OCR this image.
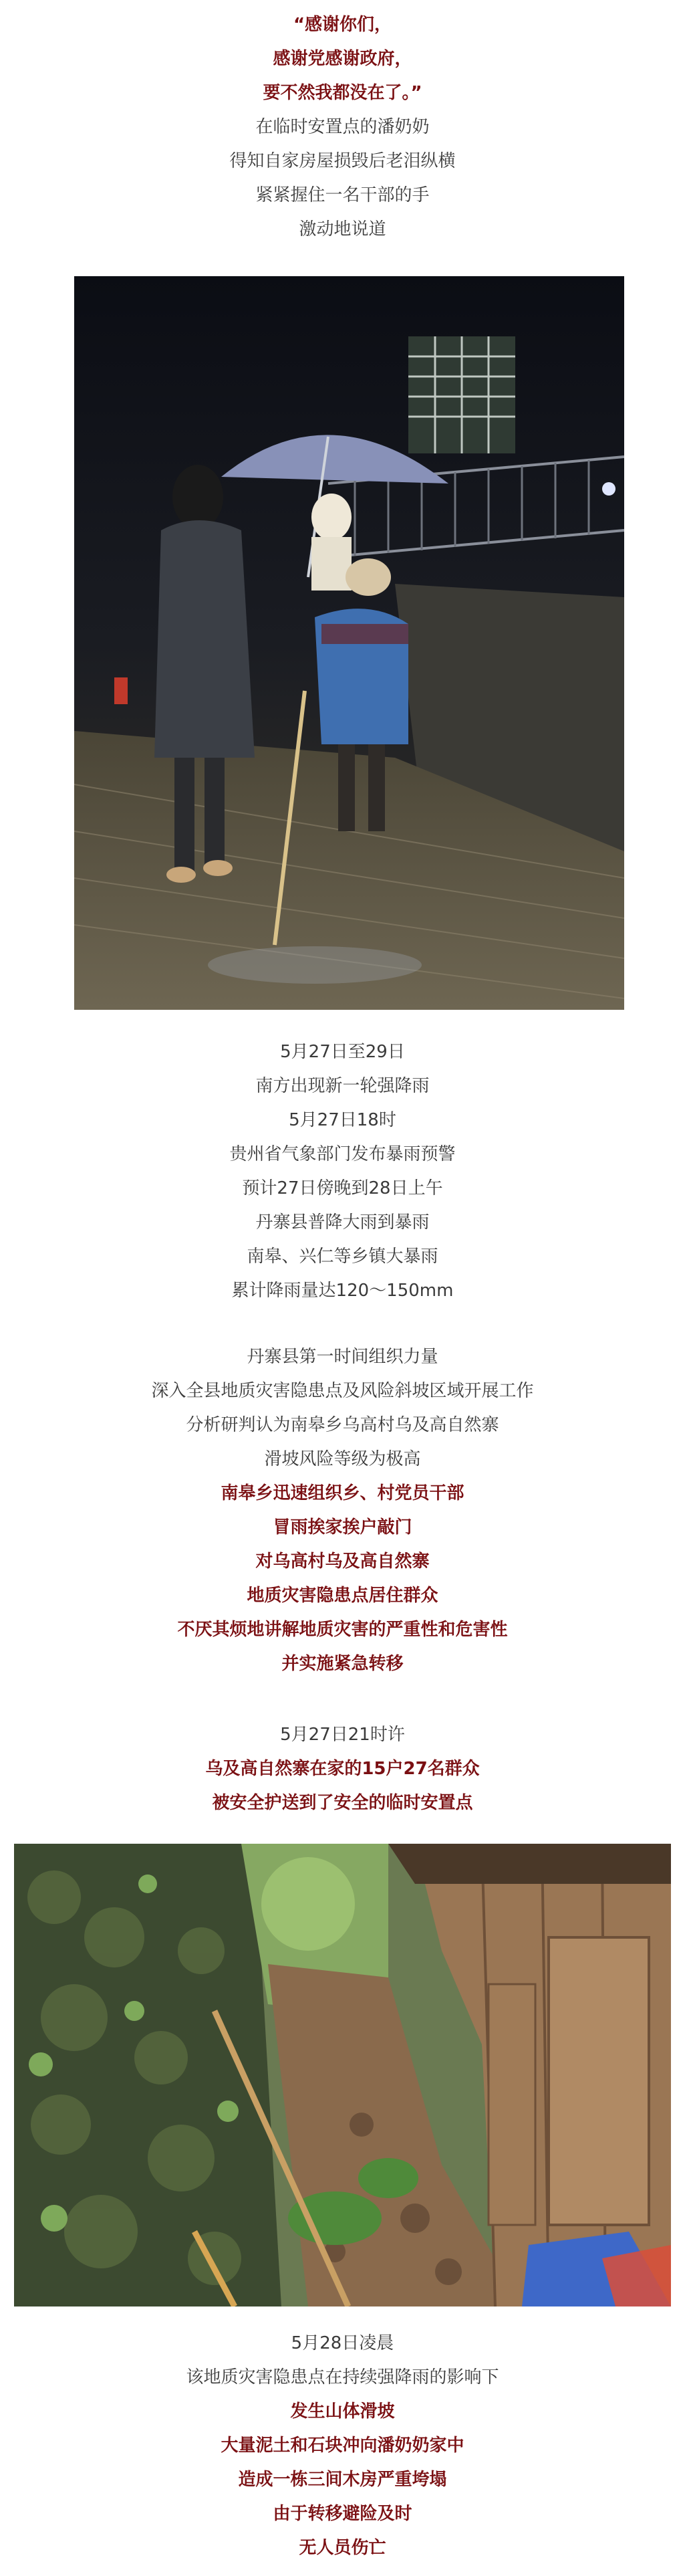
“感谢你们，
感谢党感谢政府，
要不然我都没在了。”
在临时安置点的潘奶奶
得知自家房屋损毁后老泪纵横
紧紧握住一名干部的手
激动地说道
5月27日至29日
南方出现新一轮强降雨
5月27日18时
贵州省气象部门发布暴雨预警
预计27日傍晚到28日上午
丹寨县普降大雨到暴雨
南皋、兴仁等乡镇大暴雨
累计降雨量达120～150mm
丹寨县第一时间组织力量
深入全县地质灾害隐患点及风险斜坡区域开展工作
分析研判认为南皋乡乌高村乌及高自然寨
滑坡风险等级为极高
南皋乡迅速组织乡、村党员干部
冒雨挨家挨户敲门
对乌高村乌及高自然寨
地质灾害隐患点居住群众
不厌其烦地讲解地质灾害的严重性和危害性
并实施紧急转移
5月27日21时许
乌及高自然寨在家的15户27名群众
被安全护送到了安全的临时安置点
5月28日凌晨
该地质灾害隐患点在持续强降雨的影响下
发生山体滑坡
大量泥土和石块冲向潘奶奶家中
造成一栋三间木房严重垮塌
由于转移避险及时
无人员伤亡
